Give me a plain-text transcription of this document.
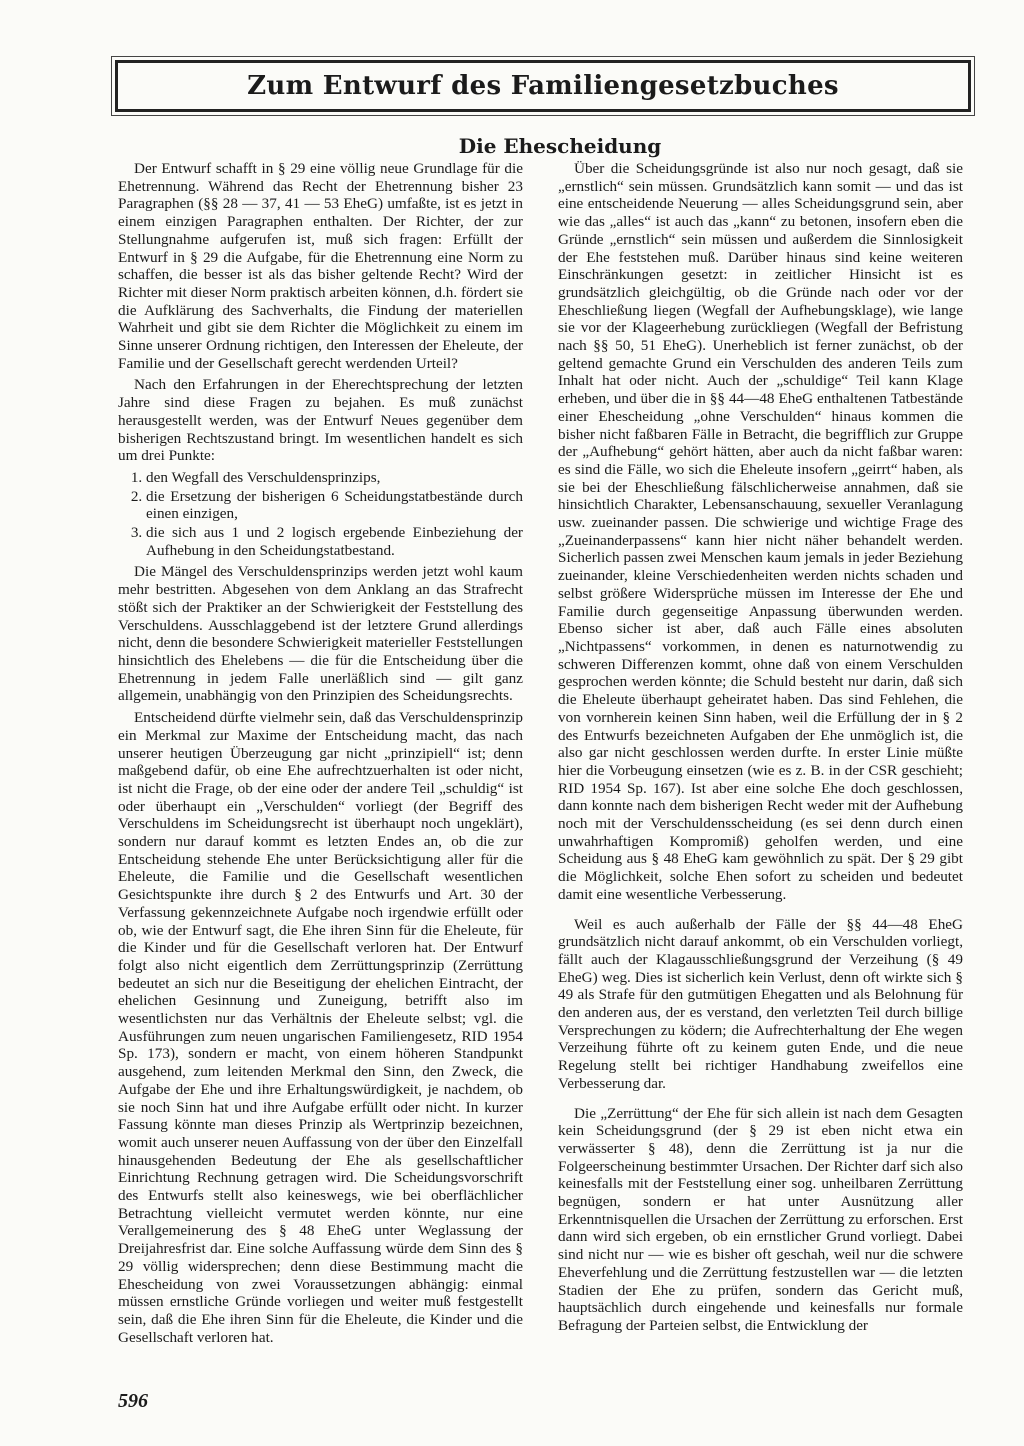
Zum Entwurf des Familiengesetzbuches
Die Ehescheidung

Der Entwurf schafft in § 29 eine völlig neue Grundlage für die Ehetrennung. Während das Recht der Ehetrennung bisher 23 Paragraphen (§§ 28 — 37, 41 — 53 EheG) umfaßte, ist es jetzt in einem einzigen Paragraphen enthalten. Der Richter, der zur Stellungnahme aufgerufen ist, muß sich fragen: Erfüllt der Entwurf in § 29 die Aufgabe, für die Ehetrennung eine Norm zu schaffen, die besser ist als das bisher geltende Recht? Wird der Richter mit dieser Norm praktisch arbeiten können, d.h. fördert sie die Aufklärung des Sachverhalts, die Findung der materiellen Wahrheit und gibt sie dem Richter die Möglichkeit zu einem im Sinne unserer Ordnung richtigen, den Interessen der Eheleute, der Familie und der Gesellschaft gerecht werdenden Urteil?

Nach den Erfahrungen in der Eherechtsprechung der letzten Jahre sind diese Fragen zu bejahen. Es muß zunächst herausgestellt werden, was der Entwurf Neues gegenüber dem bisherigen Rechtszustand bringt. Im wesentlichen handelt es sich um drei Punkte:

1. den Wegfall des Verschuldensprinzips,
2. die Ersetzung der bisherigen 6 Scheidungstatbestände durch einen einzigen,
3. die sich aus 1 und 2 logisch ergebende Einbeziehung der Aufhebung in den Scheidungstatbestand.

Die Mängel des Verschuldensprinzips werden jetzt wohl kaum mehr bestritten. Abgesehen von dem Anklang an das Strafrecht stößt sich der Praktiker an der Schwierigkeit der Feststellung des Verschuldens. Ausschlaggebend ist der letztere Grund allerdings nicht, denn die besondere Schwierigkeit materieller Feststellungen hinsichtlich des Ehelebens — die für die Entscheidung über die Ehetrennung in jedem Falle unerläßlich sind — gilt ganz allgemein, unabhängig von den Prinzipien des Scheidungsrechts.

Entscheidend dürfte vielmehr sein, daß das Verschuldensprinzip ein Merkmal zur Maxime der Entscheidung macht, das nach unserer heutigen Überzeugung gar nicht „prinzipiell“ ist; denn maßgebend dafür, ob eine Ehe aufrechtzuerhalten ist oder nicht, ist nicht die Frage, ob der eine oder der andere Teil „schuldig“ ist oder überhaupt ein „Verschulden“ vorliegt (der Begriff des Verschuldens im Scheidungsrecht ist überhaupt noch ungeklärt), sondern nur darauf kommt es letzten Endes an, ob die zur Entscheidung stehende Ehe unter Berücksichtigung aller für die Eheleute, die Familie und die Gesellschaft wesentlichen Gesichtspunkte ihre durch § 2 des Entwurfs und Art. 30 der Verfassung gekennzeichnete Aufgabe noch irgendwie erfüllt oder ob, wie der Entwurf sagt, die Ehe ihren Sinn für die Eheleute, für die Kinder und für die Gesellschaft verloren hat. Der Entwurf folgt also nicht eigentlich dem Zerrüttungsprinzip (Zerrüttung bedeutet an sich nur die Beseitigung der ehelichen Eintracht, der ehelichen Gesinnung und Zuneigung, betrifft also im wesentlichsten nur das Verhältnis der Eheleute selbst; vgl. die Ausführungen zum neuen ungarischen Familiengesetz, RID 1954 Sp. 173), sondern er macht, von einem höheren Standpunkt ausgehend, zum leitenden Merkmal den Sinn, den Zweck, die Aufgabe der Ehe und ihre Erhaltungswürdigkeit, je nachdem, ob sie noch Sinn hat und ihre Aufgabe erfüllt oder nicht. In kurzer Fassung könnte man dieses Prinzip als Wertprinzip bezeichnen, womit auch unserer neuen Auffassung von der über den Einzelfall hinausgehenden Bedeutung der Ehe als gesellschaftlicher Einrichtung Rechnung getragen wird. Die Scheidungsvorschrift des Entwurfs stellt also keineswegs, wie bei oberflächlicher Betrachtung vielleicht vermutet werden könnte, nur eine Verallgemeinerung des § 48 EheG unter Weglassung der Dreijahresfrist dar. Eine solche Auffassung würde dem Sinn des § 29 völlig widersprechen; denn diese Bestimmung macht die Ehescheidung von zwei Voraussetzungen abhängig: einmal müssen ernstliche Gründe vorliegen und weiter muß festgestellt sein, daß die Ehe ihren Sinn für die Eheleute, die Kinder und die Gesellschaft verloren hat.

Über die Scheidungsgründe ist also nur noch gesagt, daß sie „ernstlich“ sein müssen. Grundsätzlich kann somit — und das ist eine entscheidende Neuerung — alles Scheidungsgrund sein, aber wie das „alles“ ist auch das „kann“ zu betonen, insofern eben die Gründe „ernstlich“ sein müssen und außerdem die Sinnlosigkeit der Ehe feststehen muß. Darüber hinaus sind keine weiteren Einschränkungen gesetzt: in zeitlicher Hinsicht ist es grundsätzlich gleichgültig, ob die Gründe nach oder vor der Eheschließung liegen (Wegfall der Aufhebungsklage), wie lange sie vor der Klageerhebung zurückliegen (Wegfall der Befristung nach §§ 50, 51 EheG). Unerheblich ist ferner zunächst, ob der geltend gemachte Grund ein Verschulden des anderen Teils zum Inhalt hat oder nicht. Auch der „schuldige“ Teil kann Klage erheben, und über die in §§ 44—48 EheG enthaltenen Tatbestände einer Ehescheidung „ohne Verschulden“ hinaus kommen die bisher nicht faßbaren Fälle in Betracht, die begrifflich zur Gruppe der „Aufhebung“ gehört hätten, aber auch da nicht faßbar waren: es sind die Fälle, wo sich die Eheleute insofern „geirrt“ haben, als sie bei der Eheschließung fälschlicherweise annahmen, daß sie hinsichtlich Charakter, Lebensanschauung, sexueller Veranlagung usw. zueinander passen. Die schwierige und wichtige Frage des „Zueinanderpassens“ kann hier nicht näher behandelt werden. Sicherlich passen zwei Menschen kaum jemals in jeder Beziehung zueinander, kleine Verschiedenheiten werden nichts schaden und selbst größere Widersprüche müssen im Interesse der Ehe und Familie durch gegenseitige Anpassung überwunden werden. Ebenso sicher ist aber, daß auch Fälle eines absoluten „Nichtpassens“ vorkommen, in denen es naturnotwendig zu schweren Differenzen kommt, ohne daß von einem Verschulden gesprochen werden könnte; die Schuld besteht nur darin, daß sich die Eheleute überhaupt geheiratet haben. Das sind Fehlehen, die von vornherein keinen Sinn haben, weil die Erfüllung der in § 2 des Entwurfs bezeichneten Aufgaben der Ehe unmöglich ist, die also gar nicht geschlossen werden durfte. In erster Linie müßte hier die Vorbeugung einsetzen (wie es z. B. in der CSR geschieht; RID 1954 Sp. 167). Ist aber eine solche Ehe doch geschlossen, dann konnte nach dem bisherigen Recht weder mit der Aufhebung noch mit der Verschuldensscheidung (es sei denn durch einen unwahrhaftigen Kompromiß) geholfen werden, und eine Scheidung aus § 48 EheG kam gewöhnlich zu spät. Der § 29 gibt die Möglichkeit, solche Ehen sofort zu scheiden und bedeutet damit eine wesentliche Verbesserung.

Weil es auch außerhalb der Fälle der §§ 44—48 EheG grundsätzlich nicht darauf ankommt, ob ein Verschulden vorliegt, fällt auch der Klagausschließungsgrund der Verzeihung (§ 49 EheG) weg. Dies ist sicherlich kein Verlust, denn oft wirkte sich § 49 als Strafe für den gutmütigen Ehegatten und als Belohnung für den anderen aus, der es verstand, den verletzten Teil durch billige Versprechungen zu ködern; die Aufrechterhaltung der Ehe wegen Verzeihung führte oft zu keinem guten Ende, und die neue Regelung stellt bei richtiger Handhabung zweifellos eine Verbesserung dar.

Die „Zerrüttung“ der Ehe für sich allein ist nach dem Gesagten kein Scheidungsgrund (der § 29 ist eben nicht etwa ein verwässerter § 48), denn die Zerrüttung ist ja nur die Folgeerscheinung bestimmter Ursachen. Der Richter darf sich also keinesfalls mit der Feststellung einer sog. unheilbaren Zerrüttung begnügen, sondern er hat unter Ausnützung aller Erkenntnisquellen die Ursachen der Zerrüttung zu erforschen. Erst dann wird sich ergeben, ob ein ernstlicher Grund vorliegt. Dabei sind nicht nur — wie es bisher oft geschah, weil nur die schwere Eheverfehlung und die Zerrüttung festzustellen war — die letzten Stadien der Ehe zu prüfen, sondern das Gericht muß, hauptsächlich durch eingehende und keinesfalls nur formale Befragung der Parteien selbst, die Entwicklung der

596
